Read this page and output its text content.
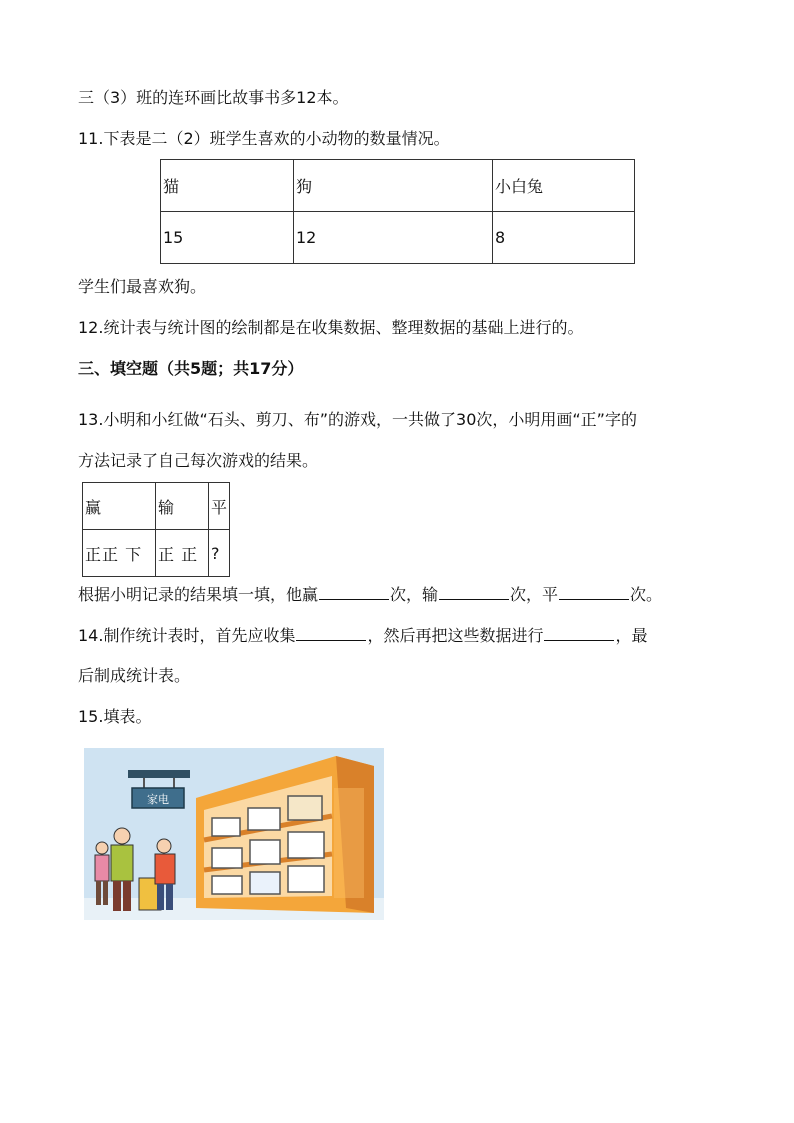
三（3）班的连环画比故事书多12本。
11.下表是二（2）班学生喜欢的小动物的数量情况。
猫	狗	小白兔
15	12	8
学生们最喜欢狗。
12.统计表与统计图的绘制都是在收集数据、整理数据的基础上进行的。
三、填空题（共5题；共17分）
13.小明和小红做“石头、剪刀、布”的游戏，一共做了30次，小明用画“正”字的
方法记录了自己每次游戏的结果。
赢	输	平
正正 下	正 正	?
根据小明记录的结果填一填，他赢	次，输	次，平	次。
14.制作统计表时，首先应收集	，然后再把这些数据进行	，最
后制成统计表。
15.填表。
家电
